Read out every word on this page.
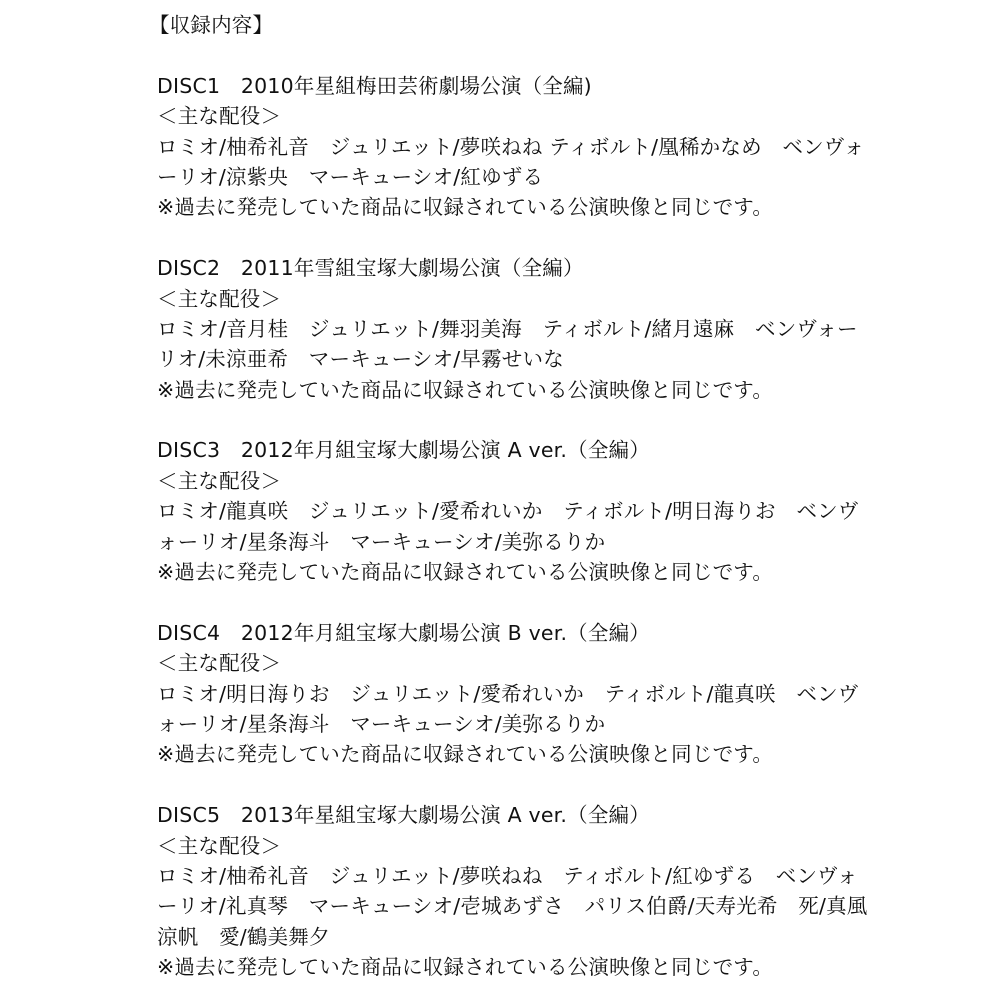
【収録内容】
DISC1　2010年星組梅田芸術劇場公演（全編)
＜主な配役＞
ロミオ/柚希礼音　ジュリエット/夢咲ねね ティボルト/凰稀かなめ　ベンヴォ
ーリオ/涼紫央　マーキューシオ/紅ゆずる
※過去に発売していた商品に収録されている公演映像と同じです。
DISC2　2011年雪組宝塚大劇場公演（全編）
＜主な配役＞
ロミオ/音月桂　ジュリエット/舞羽美海　ティボルト/緒月遠麻　ベンヴォー
リオ/未涼亜希　マーキューシオ/早霧せいな
※過去に発売していた商品に収録されている公演映像と同じです。
DISC3　2012年月組宝塚大劇場公演 A ver.（全編）
＜主な配役＞
ロミオ/龍真咲　ジュリエット/愛希れいか　ティボルト/明日海りお　ベンヴ
ォーリオ/星条海斗　マーキューシオ/美弥るりか
※過去に発売していた商品に収録されている公演映像と同じです。
DISC4　2012年月組宝塚大劇場公演 B ver.（全編）
＜主な配役＞
ロミオ/明日海りお　ジュリエット/愛希れいか　ティボルト/龍真咲　ベンヴ
ォーリオ/星条海斗　マーキューシオ/美弥るりか
※過去に発売していた商品に収録されている公演映像と同じです。
DISC5　2013年星組宝塚大劇場公演 A ver.（全編）
＜主な配役＞
ロミオ/柚希礼音　ジュリエット/夢咲ねね　ティボルト/紅ゆずる　ベンヴォ
ーリオ/礼真琴　マーキューシオ/壱城あずさ　パリス伯爵/天寿光希　死/真風
涼帆　愛/鶴美舞夕
※過去に発売していた商品に収録されている公演映像と同じです。
